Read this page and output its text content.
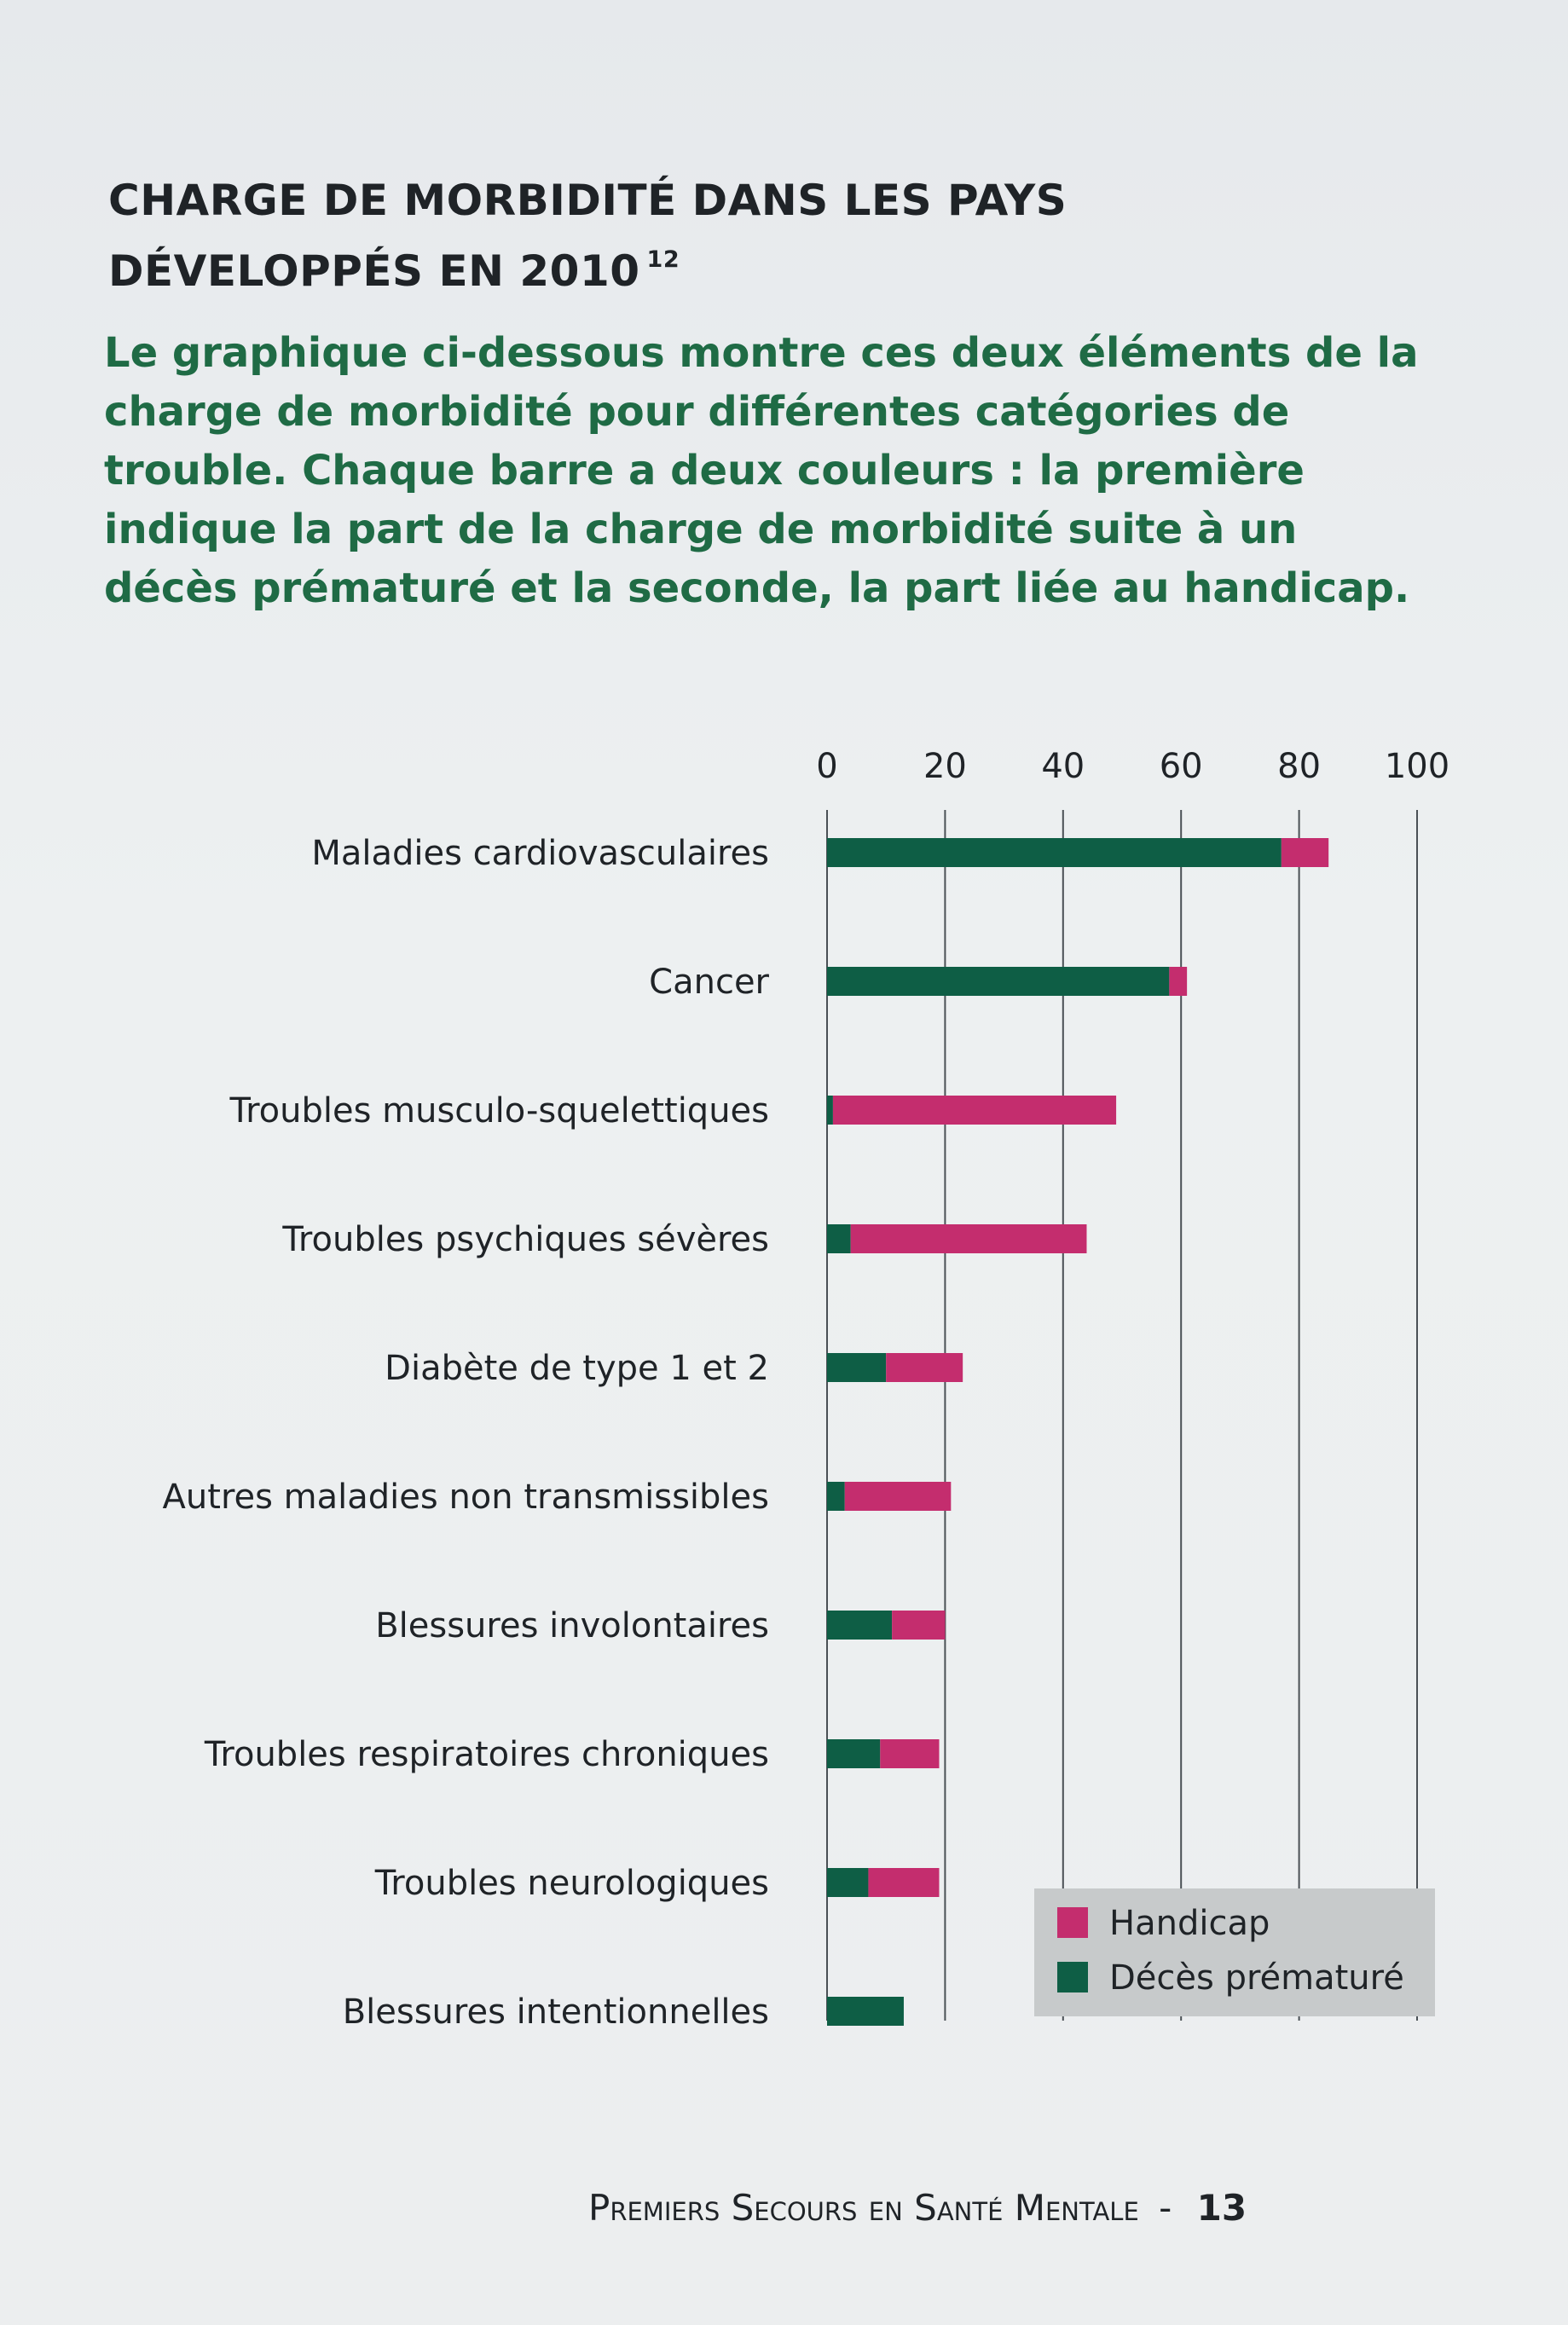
CHARGE DE MORBIDITÉ DANS LES PAYS
DÉVELOPPÉS EN 2010 $^{12}$
Le graphique ci-dessous montre ces deux éléments de la charge de morbidité pour différentes catégories de trouble. Chaque barre a deux couleurs : la première indique la part de la charge de morbidité suite à un décès prématuré et la seconde, la part liée au handicap.
0	20 40 60 80 100
Maladies cardiovasculaires
Cancer
Troubles musculo-squelettiques
Troubles psychiques sévères
Diabète de type 1 et 2
Autres maladies non transmissibles
Blessures involontaires
Troubles respiratoires chroniques
Troubles neurologiques
Blessures intentionnelles
Handicap
Décès prématuré
Premiers Secours en Santé Mentale - 13
